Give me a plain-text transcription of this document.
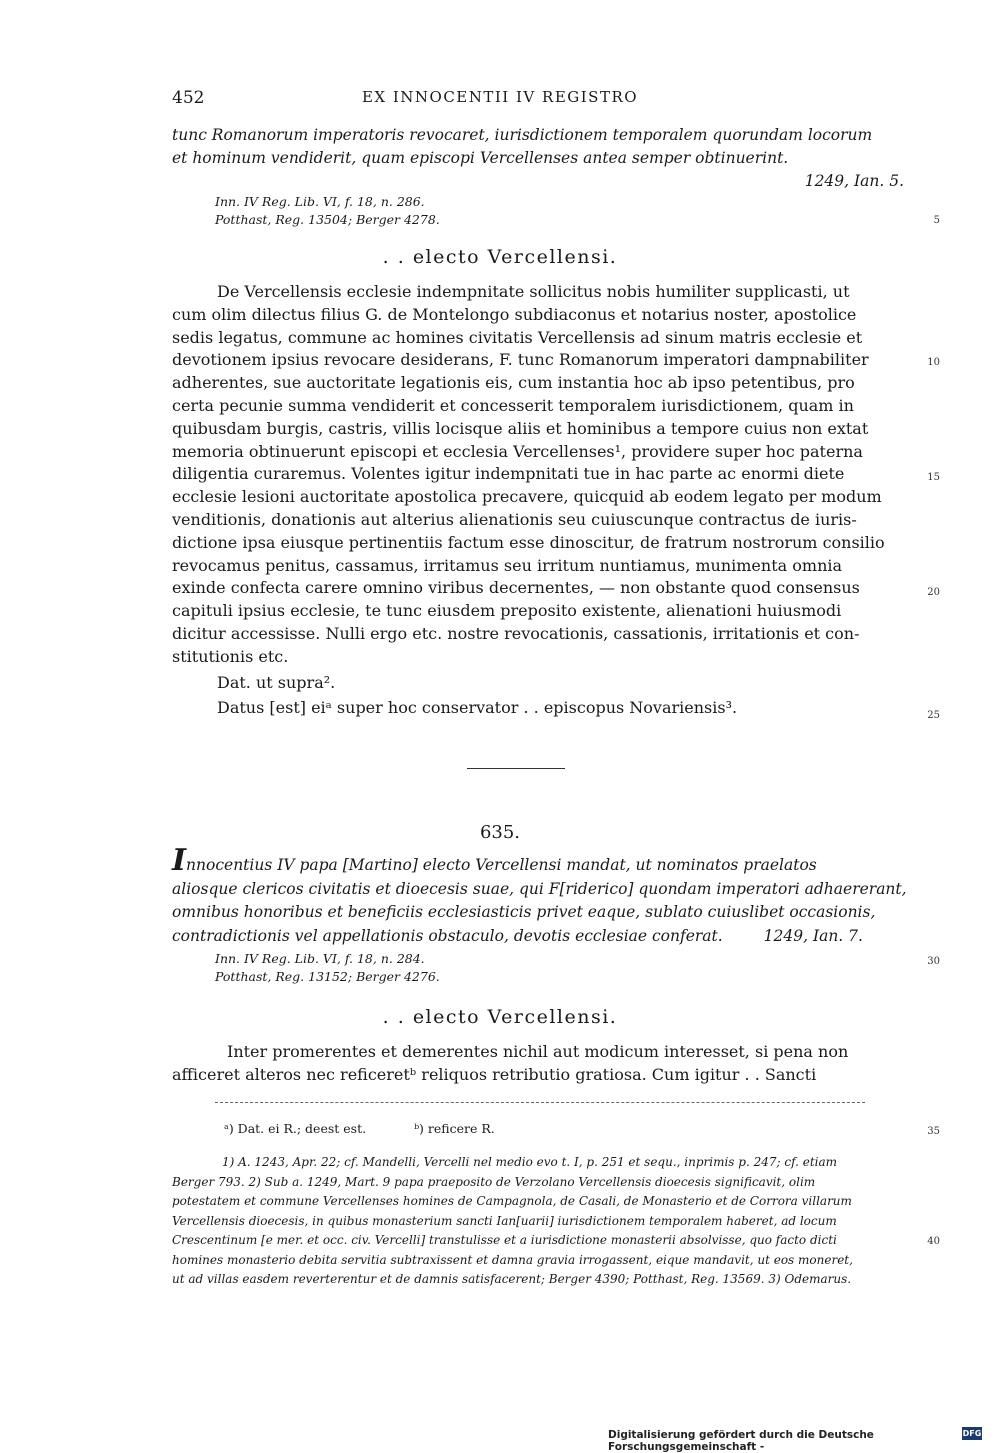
452	EX INNOCENTII IV REGISTRO
tunc Romanorum imperatoris revocaret, iurisdictionem temporalem quorundam locorum
et hominum vendiderit, quam episcopi Vercellenses antea semper obtinuerint.
1249, Ian. 5.
Inn. IV Reg. Lib. VI, f. 18, n. 286.
Potthast, Reg. 13504; Berger 4278.	5
. . electo Vercellensi.
De Vercellensis ecclesie indempnitate sollicitus nobis humiliter supplicasti, ut
cum olim dilectus filius G. de Montelongo subdiaconus et notarius noster, apostolice
sedis legatus, commune ac homines civitatis Vercellensis ad sinum matris ecclesie et
devotionem ipsius revocare desiderans, F. tunc Romanorum imperatori dampnabiliter
adherentes, sue auctoritate legationis eis, cum instantia hoc ab ipso petentibus, pro
certa pecunie summa vendiderit et concesserit temporalem iurisdictionem, quam in
quibusdam burgis, castris, villis locisque aliis et hominibus a tempore cuius non extat
memoria obtinuerunt episcopi et ecclesia Vercellenses¹, providere super hoc paterna
diligentia curaremus. Volentes igitur indempnitati tue in hac parte ac enormi diete
ecclesie lesioni auctoritate apostolica precavere, quicquid ab eodem legato per modum
venditionis, donationis aut alterius alienationis seu cuiuscunque contractus de iuris-
dictione ipsa eiusque pertinentiis factum esse dinoscitur, de fratrum nostrorum consilio
revocamus penitus, cassamus, irritamus seu irritum nuntiamus, munimenta omnia
exinde confecta carere omnino viribus decernentes, — non obstante quod consensus
capituli ipsius ecclesie, te tunc eiusdem preposito existente, alienationi huiusmodi
dicitur accessisse. Nulli ergo etc. nostre revocationis, cassationis, irritationis et con-
stitutionis etc.
Dat. ut supra².
Datus [est] eiᵃ super hoc conservator . . episcopus Novariensis³.
10
15
20
25
635.
Innocentius IV papa [Martino] electo Vercellensi mandat, ut nominatos praelatos
aliosque clericos civitatis et dioecesis suae, qui F[riderico] quondam imperatori adhaererant,
omnibus honoribus et beneficiis ecclesiasticis privet eaque, sublato cuiuslibet occasionis,
contradictionis vel appellationis obstaculo, devotis ecclesiae conferat.	1249, Ian. 7.
Inn. IV Reg. Lib. VI, f. 18, n. 284.
Potthast, Reg. 13152; Berger 4276.
30
. . electo Vercellensi.
Inter promerentes et demerentes nichil aut modicum interesset, si pena non
afficeret alteros nec reficeretᵇ reliquos retributio gratiosa. Cum igitur . . Sancti
ᵃ) Dat. ei R.; deest est.	ᵇ) reficere R.	35
1) A. 1243, Apr. 22; cf. Mandelli, Vercelli nel medio evo t. I, p. 251 et sequ., inprimis p. 247; cf. etiam
Berger 793. 2) Sub a. 1249, Mart. 9 papa praeposito de Verzolano Vercellensis dioecesis significavit, olim
potestatem et commune Vercellenses homines de Campagnola, de Casali, de Monasterio et de Corrora villarum
Vercellensis dioecesis, in quibus monasterium sancti Ian[uarii] iurisdictionem temporalem haberet, ad locum
Crescentinum [e mer. et occ. civ. Vercelli] transtulisse et a iurisdictione monasterii absolvisse, quo facto dicti
homines monasterio debita servitia subtraxissent et damna gravia irrogassent, eique mandavit, ut eos moneret,
ut ad villas easdem reverterentur et de damnis satisfacerent; Berger 4390; Potthast, Reg. 13569. 3) Odemarus.
40
Digitalisierung gefördert durch die Deutsche Forschungsgemeinschaft -
DFG
